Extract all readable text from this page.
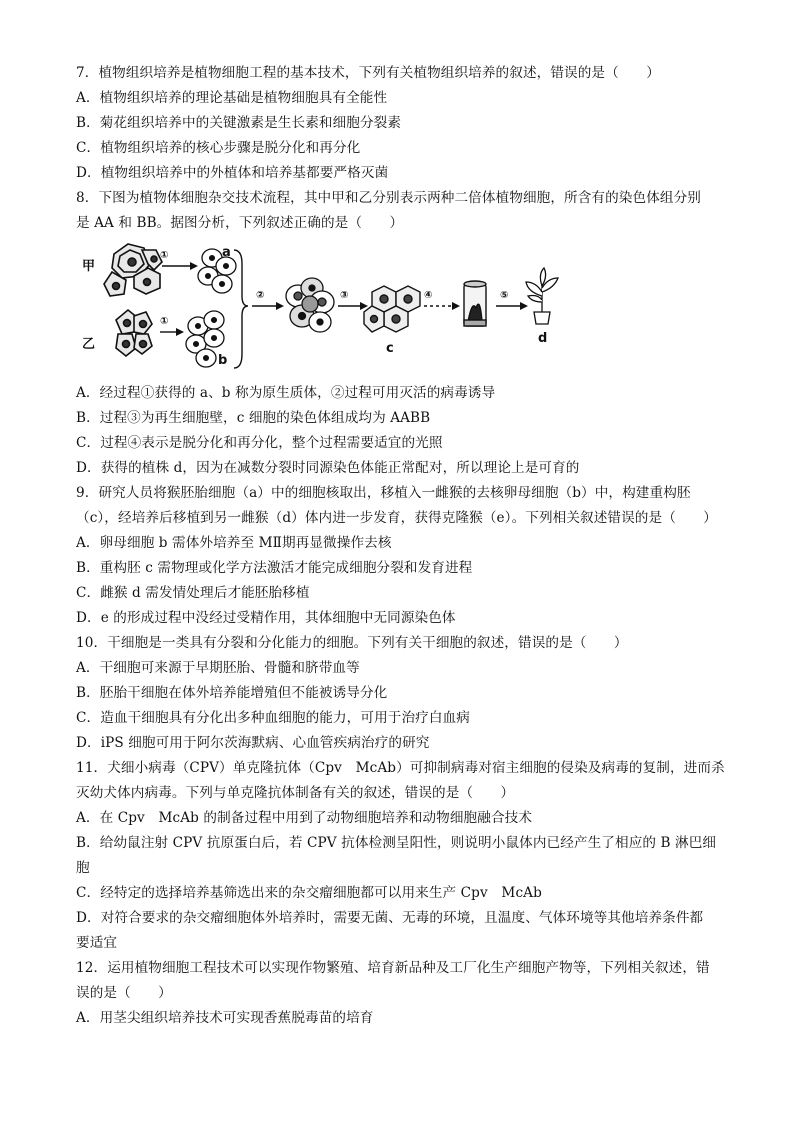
7．植物组织培养是植物细胞工程的基本技术，下列有关植物组织培养的叙述，错误的是（　　）
A．植物组织培养的理论基础是植物细胞具有全能性
B．菊花组织培养中的关键激素是生长素和细胞分裂素
C．植物组织培养的核心步骤是脱分化和再分化
D．植物组织培养中的外植体和培养基都要严格灭菌
8．下图为植物体细胞杂交技术流程，其中甲和乙分别表示两种二倍体植物细胞，所含有的染色体组分别
是 AA 和 BB。据图分析，下列叙述正确的是（　　）
甲
①	a
乙
①
b
②	③
c
④	⑤
d
A．经过程①获得的 a、b 称为原生质体，②过程可用灭活的病毒诱导
B．过程③为再生细胞壁，c 细胞的染色体组成均为 AABB
C．过程④表示是脱分化和再分化，整个过程需要适宜的光照
D．获得的植株 d，因为在减数分裂时同源染色体能正常配对，所以理论上是可育的
9．研究人员将猴胚胎细胞（a）中的细胞核取出，移植入一雌猴的去核卵母细胞（b）中，构建重构胚
（c），经培养后移植到另一雌猴（d）体内进一步发育，获得克隆猴（e）。下列相关叙述错误的是（　　）
A．卵母细胞 b 需体外培养至 MⅡ期再显微操作去核
B．重构胚 c 需物理或化学方法激活才能完成细胞分裂和发育进程
C．雌猴 d 需发情处理后才能胚胎移植
D．e 的形成过程中没经过受精作用，其体细胞中无同源染色体
10．干细胞是一类具有分裂和分化能力的细胞。下列有关干细胞的叙述，错误的是（　　）
A．干细胞可来源于早期胚胎、骨髓和脐带血等
B．胚胎干细胞在体外培养能增殖但不能被诱导分化
C．造血干细胞具有分化出多种血细胞的能力，可用于治疗白血病
D．iPS 细胞可用于阿尔茨海默病、心血管疾病治疗的研究
11．犬细小病毒（CPV）单克隆抗体（Cpv　McAb）可抑制病毒对宿主细胞的侵染及病毒的复制，进而杀
灭幼犬体内病毒。下列与单克隆抗体制备有关的叙述，错误的是（　　）
A．在 Cpv　McAb 的制备过程中用到了动物细胞培养和动物细胞融合技术
B．给幼鼠注射 CPV 抗原蛋白后，若 CPV 抗体检测呈阳性，则说明小鼠体内已经产生了相应的 B 淋巴细
胞
C．经特定的选择培养基筛选出来的杂交瘤细胞都可以用来生产 Cpv　McAb
D．对符合要求的杂交瘤细胞体外培养时，需要无菌、无毒的环境，且温度、气体环境等其他培养条件都
要适宜
12．运用植物细胞工程技术可以实现作物繁殖、培育新品种及工厂化生产细胞产物等，下列相关叙述，错
误的是（　　）
A．用茎尖组织培养技术可实现香蕉脱毒苗的培育
